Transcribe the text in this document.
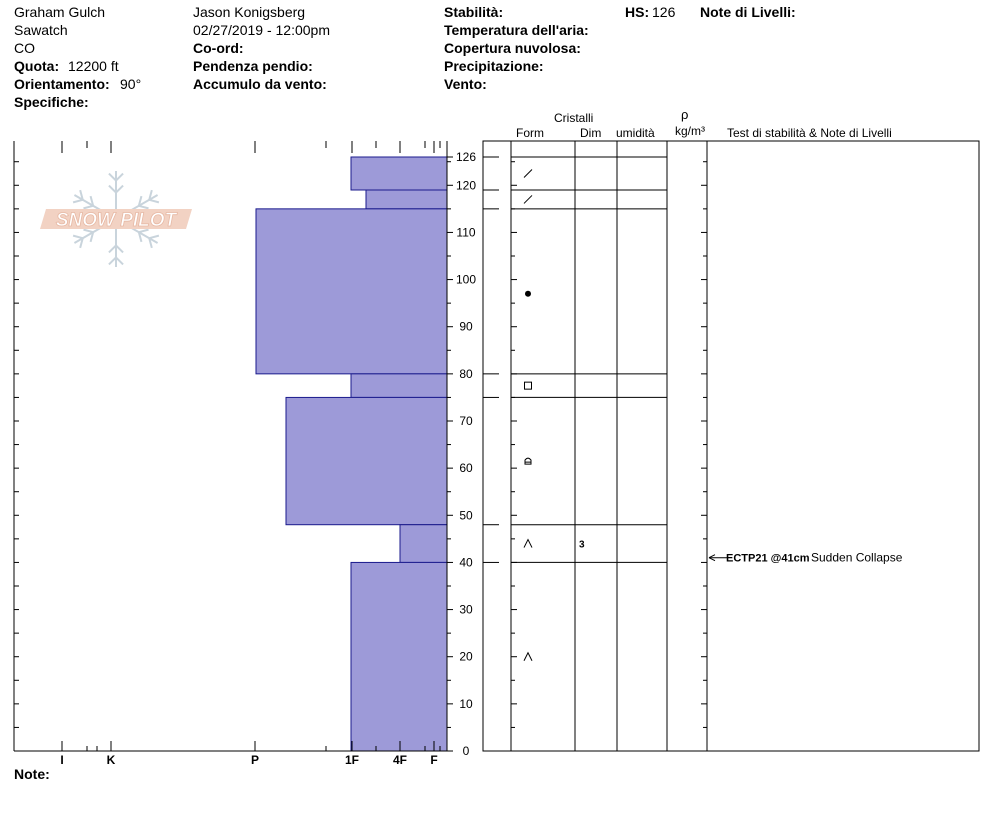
0
10
20
30
40
50
60
70
80
90
100
110
120
126
I	K	P	1F	4F F
3
ECTP21 @41cm Sudden Collapse
SNOW PILOT
Graham Gulch
Sawatch
CO
Quota: 12200 ft
Orientamento: 90°
Specifiche:
Jason Konigsberg
02/27/2019 - 12:00pm
Co-ord:
Pendenza pendio:
Accumulo da vento:
Stabilità:
Temperatura dell'aria:
Copertura nuvolosa:
Precipitazione:
Vento:
HS: 126 Note di Livelli:
Cristalli
Form	Dim umidità
ρ
kg/m³ Test di stabilità & Note di Livelli
Note:
